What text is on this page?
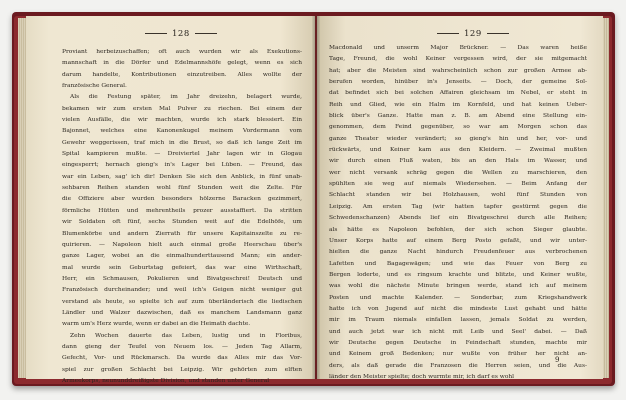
128	129
Proviant herbeizuschaffen; oft auch wurden wir als Exekutions-
mannschaft in die Dörfer und Edelmannshöfe gelegt, wenn es sich
darum handelte, Kontributionen einzutreiben. Alles wollte der
französische General.
Als die Festung später, im Jahr dreizehn, belagert wurde,
bekamen wir zum ersten Mal Pulver zu riechen. Bei einem der
vielen Ausfälle, die wir machten, wurde ich stark blessiert. Ein
Bajonnet, welches eine Kanonenkugel meinem Vordermann vom
Gewehr weggerissen, traf mich in die Brust, so daß ich lange Zeit im
Spital kampieren mußte. — Dreiviertel Jahr lagen wir in Glogau
eingesperrt; hernach gieng's in's Lager bei Lüben. — Freund, das
war ein Leben, sag' ich dir! Denken Sie sich den Anblick, in fünf unab-
sehbaren Reihen standen wohl fünf Stunden weit die Zelte. Für
die Offiziere aber wurden besonders hölzerne Baracken gezimmert,
förmliche Hütten und mehrentheils prozer ausstaffiert. Da stritten
wir Soldaten oft fünf, sechs Stunden weit auf die Edelhöfe, um
Blumenkörbe und andern Zierrath für unsere Kapitainszelte zu re-
quirieren. — Napoleon hielt auch einmal große Heerschau über's
ganze Lager, wobei an die einmalhunderttausend Mann; ein ander-
mal wurde sein Geburtstag gefeiert, das war eine Wirthschaft,
Herr, ein Schmausen, Pokulieren und Bivatgeschrei! Deutsch und
Französisch durcheinander; und weil ich's Geigen nicht weniger gut
verstand als heute, so spielte ich auf zum überländerisch die liedischen
Ländler und Walzer dazwischen, daß es manchem Landsmann ganz
warm um's Herz wurde, wenn er dabei an die Heimath dachte.
Zehn Wochen dauerte das Leben, lustig und in Floribus,
dann gieng der Teufel von Neuem los. — Jeden Tag Allarm,
Gefecht, Vor- und Rückmarsch. Da wurde das Alles mir das Vor-
spiel zur großen Schlacht bei Leipzig. Wir gehörten zum elften
Armeekorps, neununddreißigste Division, und standen unter General
Macdonald und unserm Major Brückner. — Das waren heiße
Tage, Freund, die wohl Keiner vergessen wird, der sie mitgemacht
hat; aber die Meisten sind wahrscheinlich schon zur großen Armee ab-
berufen worden, hinüber in's Jenseits. — Doch, der gemeine Sol-
dat befindet sich bei solchen Affairen gleichsam im Nebel, er steht in
Reih und Glied, wie ein Halm im Kornfeld, und hat keinen Ueber-
blick über's Ganze. Hatte man z. B. am Abend eine Stellung ein-
genommen, dem Feind gegenüber, so war am Morgen schon das
ganze Theater wieder verändert; so gieng's hin und her, vor- und
rückwärts, und Keiner kam aus den Kleidern. — Zweimal mußten
wir durch einen Fluß waten, bis an den Hals im Wasser, und
wer nicht versank schräg gegen die Wellen zu marschieren, den
spühlten sie weg auf niemals Wiedersehen. — Beim Anfang der
Schlacht standen wir bei Holzhausen, wohl fünf Stunden von
Leipzig. Am ersten Tag (wir hatten tapfer gestürmt gegen die
Schwedenschanzen) Abends lief ein Bivatgeschrei durch alle Reihen;
als hätte es Napoleon befohlen, der sich schon Sieger glaubte.
Unser Korps hatte auf einem Berg Posto gefaßt, und wir unter-
hielten die ganze Nacht hindurch Freudenfeuer aus verbrochenen
Lafetten und Bagagewägen; und wie das Feuer von Berg zu
Bergen loderte, und es ringsum krachte und blitzte, und Keiner wußte,
was wohl die nächste Minute bringen werde, stand ich auf meinem
Posten und machte Kalender. — Sonderbar, zum Kriegshandwerk
hatte ich von Jugend auf nicht die mindeste Lust gehabt und hätte
mir im Traum niemals einfallen lassen, jemals Soldat zu werden,
und auch jetzt war ich nicht mit Leib und Seel' dabei. — Daß
wir Deutsche gegen Deutsche in Feindschaft stunden, machte mir
und Keinem groß Bedenken; nur wußte von früher her nicht an-
ders, als daß gerade die Franzosen die Herren seien, und die Aus-
länder den Meister spielte; doch wurmte mir, ich darf es wohl
9
